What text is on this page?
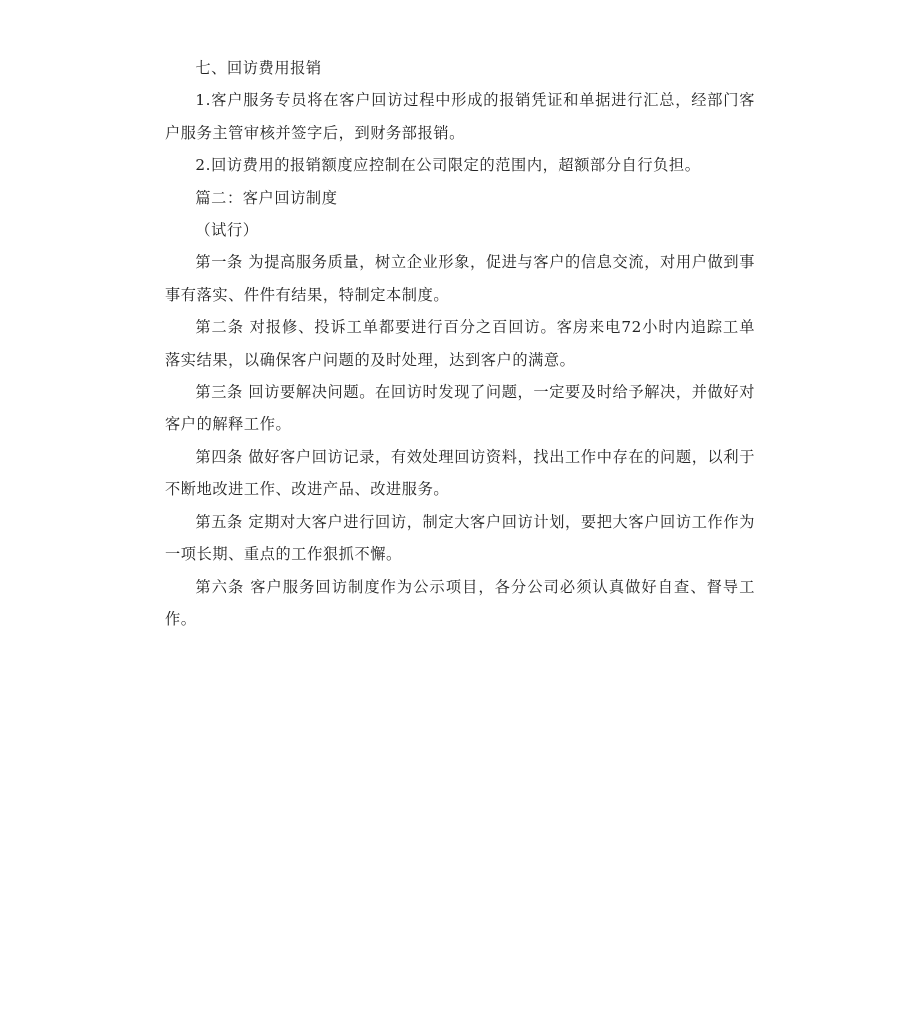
七、回访费用报销

1.客户服务专员将在客户回访过程中形成的报销凭证和单据进行汇总，经部门客户服务主管审核并签字后，到财务部报销。

2.回访费用的报销额度应控制在公司限定的范围内，超额部分自行负担。

篇二：客户回访制度

（试行）

第一条 为提高服务质量，树立企业形象，促进与客户的信息交流，对用户做到事事有落实、件件有结果，特制定本制度。

第二条 对报修、投诉工单都要进行百分之百回访。客房来电72小时内追踪工单落实结果，以确保客户问题的及时处理，达到客户的满意。

第三条 回访要解决问题。在回访时发现了问题，一定要及时给予解决，并做好对客户的解释工作。

第四条 做好客户回访记录，有效处理回访资料，找出工作中存在的问题，以利于不断地改进工作、改进产品、改进服务。

第五条 定期对大客户进行回访，制定大客户回访计划，要把大客户回访工作作为一项长期、重点的工作狠抓不懈。

第六条 客户服务回访制度作为公示项目，各分公司必须认真做好自查、督导工作。
